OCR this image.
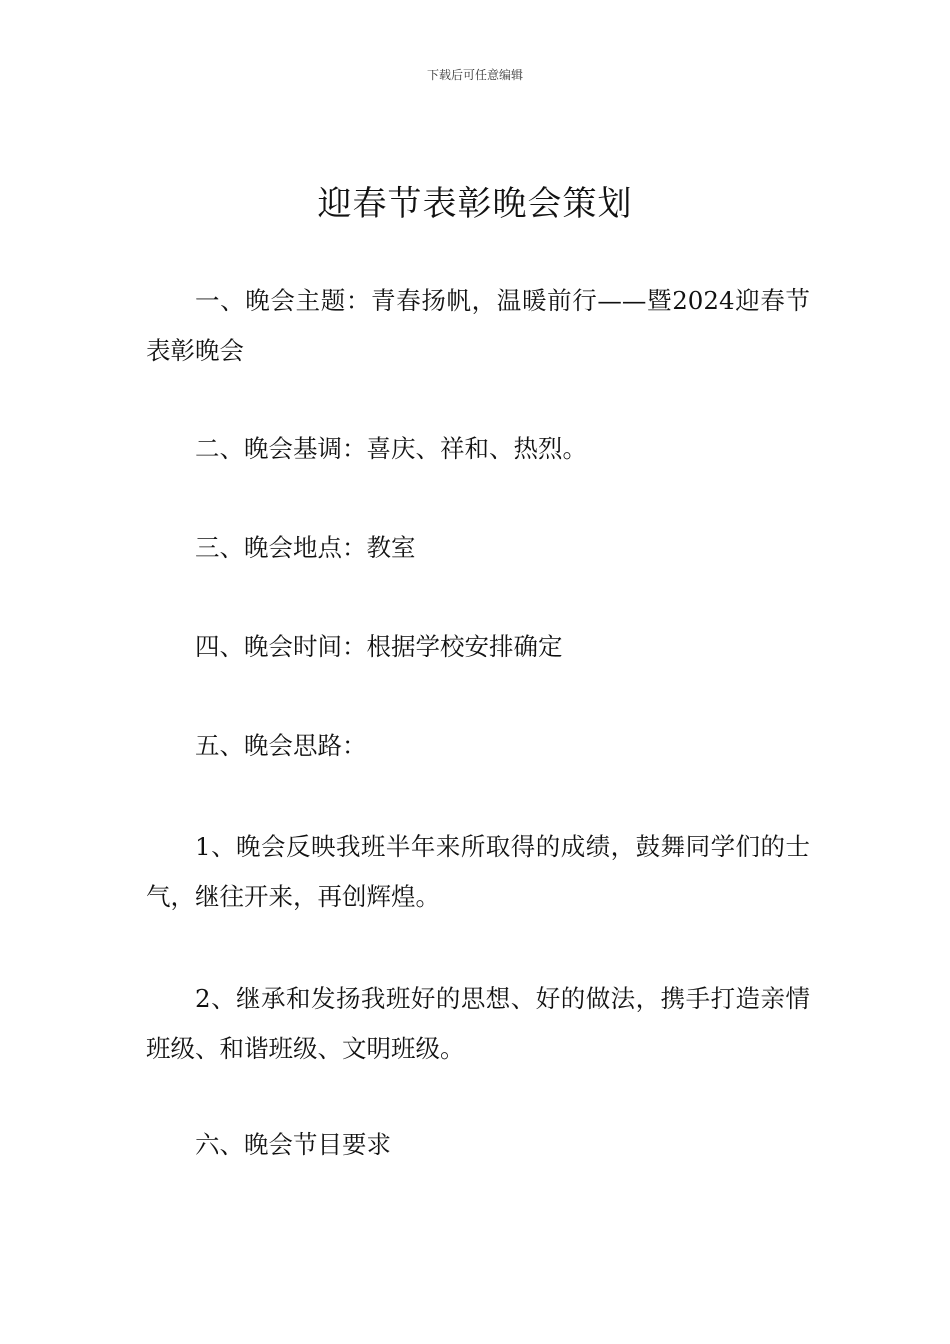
下载后可任意编辑
迎春节表彰晚会策划

一、晚会主题：青春扬帆，温暖前行——暨2024迎春节表彰晚会

二、晚会基调：喜庆、祥和、热烈。

三、晚会地点：教室

四、晚会时间：根据学校安排确定

五、晚会思路：

1、晚会反映我班半年来所取得的成绩，鼓舞同学们的士气，继往开来，再创辉煌。

2、继承和发扬我班好的思想、好的做法，携手打造亲情班级、和谐班级、文明班级。

六、晚会节目要求
